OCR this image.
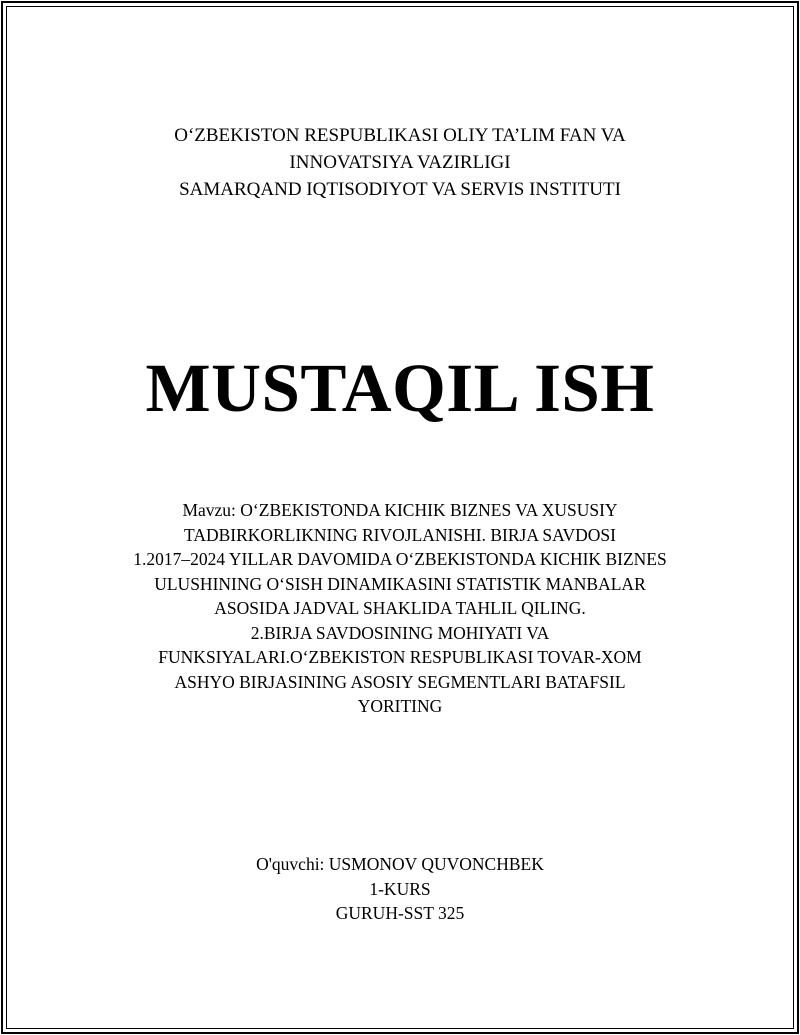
O‘ZBEKISTON RESPUBLIKASI OLIY TA’LIM FAN VA
INNOVATSIYA VAZIRLIGI
SAMARQAND IQTISODIYOT VA SERVIS INSTITUTI
MUSTAQIL ISH
Mavzu: O‘ZBEKISTONDA KICHIK BIZNES VA XUSUSIY
TADBIRKORLIKNING RIVOJLANISHI. BIRJA SAVDOSI
1.2017–2024 YILLAR DAVOMIDA O‘ZBEKISTONDA KICHIK BIZNES
ULUSHINING O‘SISH DINAMIKASINI STATISTIK MANBALAR
ASOSIDA JADVAL SHAKLIDA TAHLIL QILING.
2.BIRJA SAVDOSINING MOHIYATI VA
FUNKSIYALARI.O‘ZBEKISTON RESPUBLIKASI TOVAR-XOM
ASHYO BIRJASINING ASOSIY SEGMENTLARI BATAFSIL
YORITING
O'quvchi: USMONOV QUVONCHBEK
1-KURS
GURUH-SST 325
